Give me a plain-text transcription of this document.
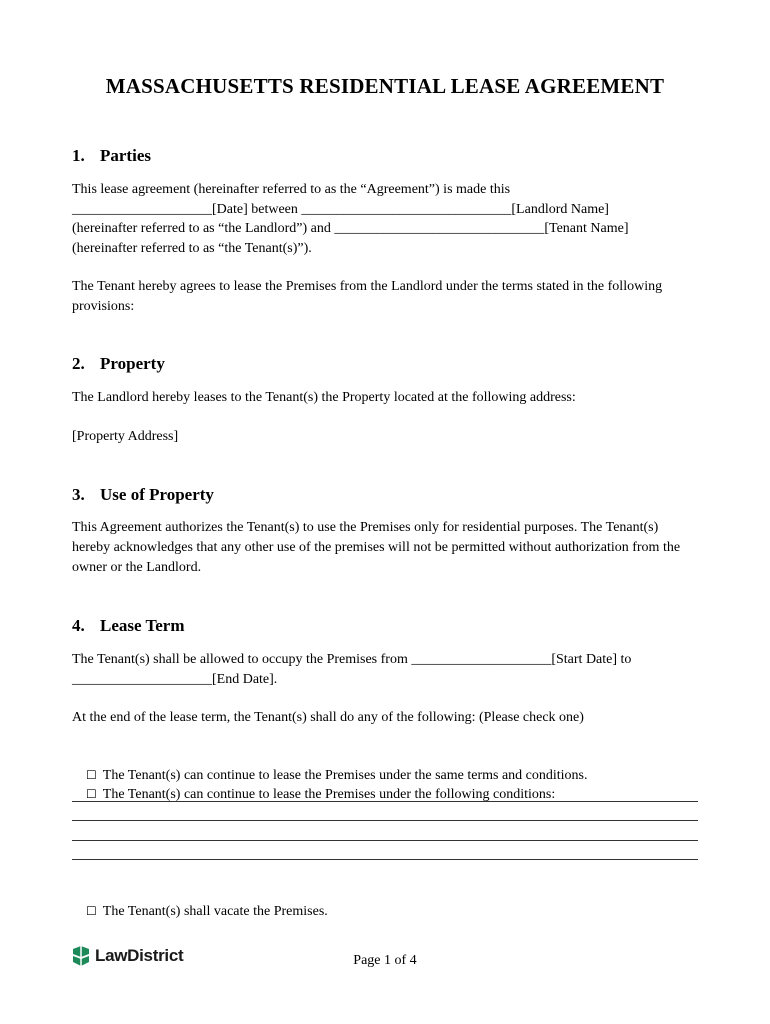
MASSACHUSETTS RESIDENTIAL LEASE AGREEMENT
1. Parties
This lease agreement (hereinafter referred to as the “Agreement”) is made this
____________________[Date] between ______________________________[Landlord Name]
(hereinafter referred to as “the Landlord”) and ______________________________[Tenant Name]
(hereinafter referred to as “the Tenant(s)”).
The Tenant hereby agrees to lease the Premises from the Landlord under the terms stated in the following provisions:
2. Property
The Landlord hereby leases to the Tenant(s) the Property located at the following address:
[Property Address]
3. Use of Property
This Agreement authorizes the Tenant(s) to use the Premises only for residential purposes. The Tenant(s) hereby acknowledges that any other use of the premises will not be permitted without authorization from the owner or the Landlord.
4. Lease Term
The Tenant(s) shall be allowed to occupy the Premises from ____________________[Start Date] to
____________________[End Date].
At the end of the lease term, the Tenant(s) shall do any of the following: (Please check one)

☐ The Tenant(s) can continue to lease the Premises under the same terms and conditions.

☐ The Tenant(s) can continue to lease the Premises under the following conditions:

☐ The Tenant(s) shall vacate the Premises.

LawDistrict	Page 1 of 4
